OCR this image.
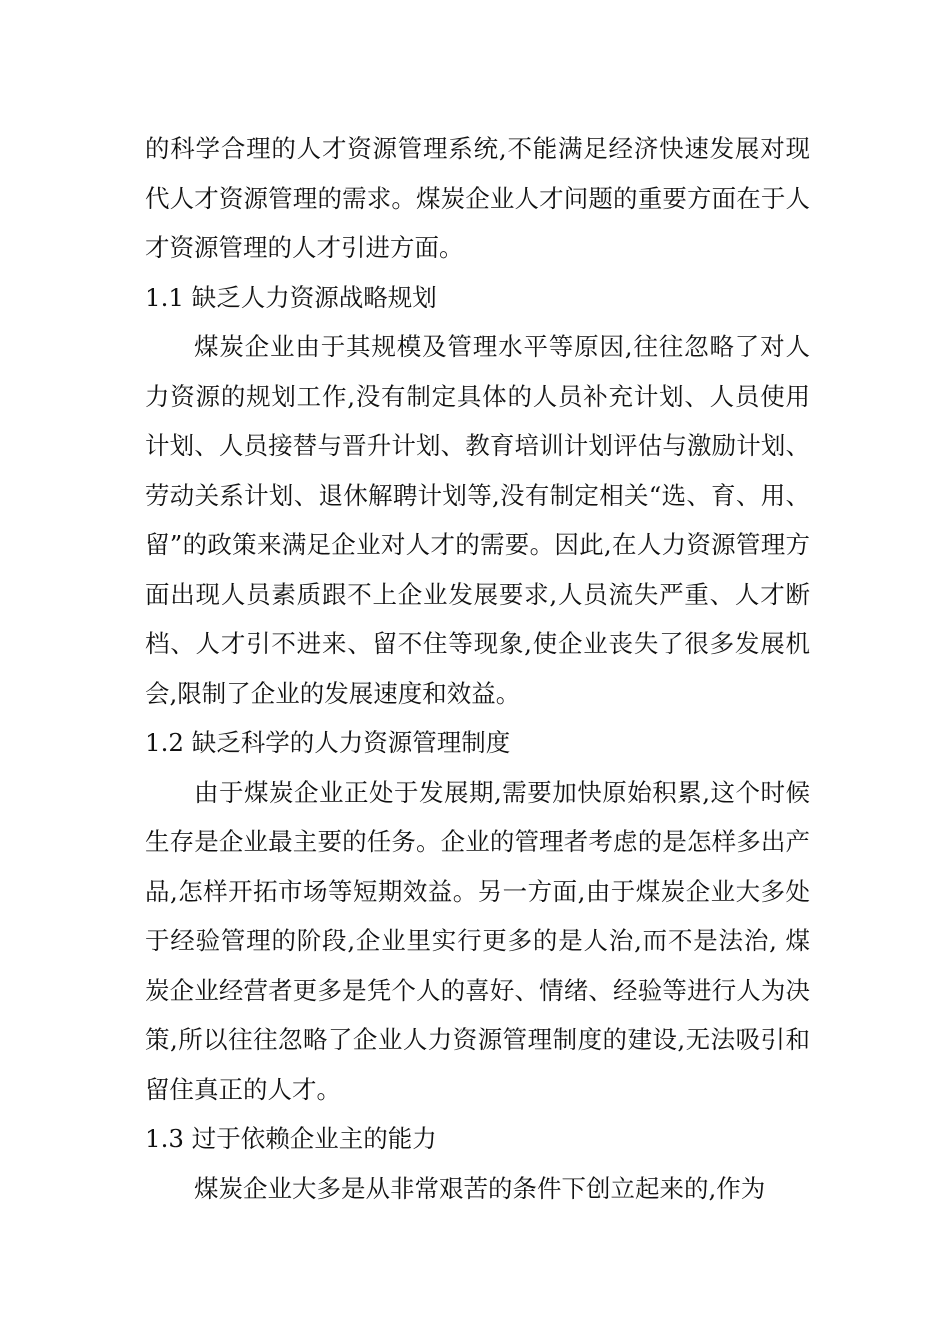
的科学合理的人才资源管理系统,不能满足经济快速发展对现代人才资源管理的需求。煤炭企业人才问题的重要方面在于人才资源管理的人才引进方面。

1.1 缺乏人力资源战略规划

煤炭企业由于其规模及管理水平等原因,往往忽略了对人力资源的规划工作,没有制定具体的人员补充计划、人员使用计划、人员接替与晋升计划、教育培训计划评估与激励计划、劳动关系计划、退休解聘计划等,没有制定相关“选、育、用、留”的政策来满足企业对人才的需要。因此,在人力资源管理方面出现人员素质跟不上企业发展要求,人员流失严重、人才断档、人才引不进来、留不住等现象,使企业丧失了很多发展机会,限制了企业的发展速度和效益。

1.2 缺乏科学的人力资源管理制度

由于煤炭企业正处于发展期,需要加快原始积累,这个时候生存是企业最主要的任务。企业的管理者考虑的是怎样多出产品,怎样开拓市场等短期效益。另一方面,由于煤炭企业大多处于经验管理的阶段,企业里实行更多的是人治,而不是法治, 煤炭企业经营者更多是凭个人的喜好、情绪、经验等进行人为决策,所以往往忽略了企业人力资源管理制度的建设,无法吸引和留住真正的人才。

1.3 过于依赖企业主的能力

煤炭企业大多是从非常艰苦的条件下创立起来的,作为
